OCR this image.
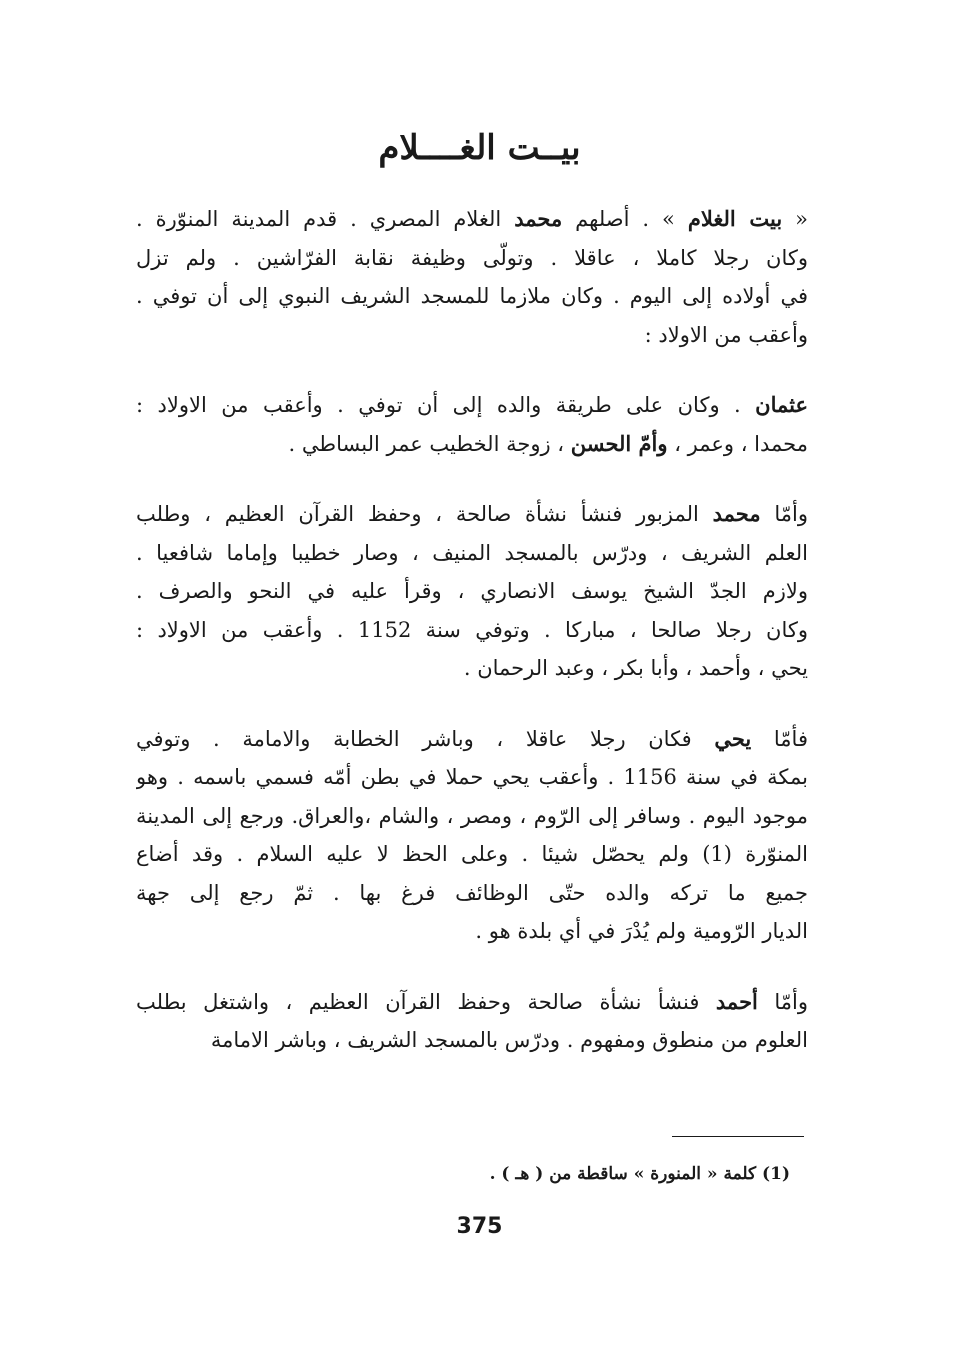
بيــت الغــــلام
« بيت الغلام » . أصلهم محمد الغلام المصري . قدم المدينة المنوّرة .
وكان رجلا كاملا ، عاقلا . وتولّى وظيفة نقابة الفرّاشين . ولم تزل
في أولاده إلى اليوم . وكان ملازما للمسجد الشريف النبوي إلى أن توفي .
وأعقب من الاولاد :
عثمان . وكان على طريقة والده إلى أن توفي . وأعقب من الاولاد :
محمدا ، وعمر ، وأمّ الحسن ، زوجة الخطيب عمر البساطي .
وأمّا محمد المزبور فنشأ نشأة صالحة ، وحفظ القرآن العظيم ، وطلب
العلم الشريف ، ودرّس بالمسجد المنيف ، وصار خطيبا وإماما شافعيا .
ولازم الجدّ الشيخ يوسف الانصاري ، وقرأ عليه في النحو والصرف .
وكان رجلا صالحا ، مباركا . وتوفي سنة 1152 . وأعقب من الاولاد :
يحي ، وأحمد ، وأبا بكر ، وعبد الرحمان .
فأمّا يحي فكان رجلا عاقلا ، وباشر الخطابة والامامة . وتوفي
بمكة في سنة 1156 . وأعقب يحي حملا في بطن أمّه فسمي باسمه . وهو
موجود اليوم . وسافر إلى الرّوم ، ومصر ، والشام ،والعراق. ورجع إلى المدينة
المنوّرة (1) ولم يحصّل شيئا . وعلى الحظ لا عليه السلام . وقد أضاع
جميع ما تركه والده حتّى الوظائف فرغ بها . ثمّ رجع إلى جهة
الديار الرّومية ولم يُدْرَ في أي بلدة هو .
وأمّا أحمد فنشأ نشأة صالحة وحفظ القرآن العظيم ، واشتغل بطلب
العلوم من منطوق ومفهوم . ودرّس بالمسجد الشريف ، وباشر الامامة
(1) كلمة « المنورة » ساقطة من ( هـ ) .
375
